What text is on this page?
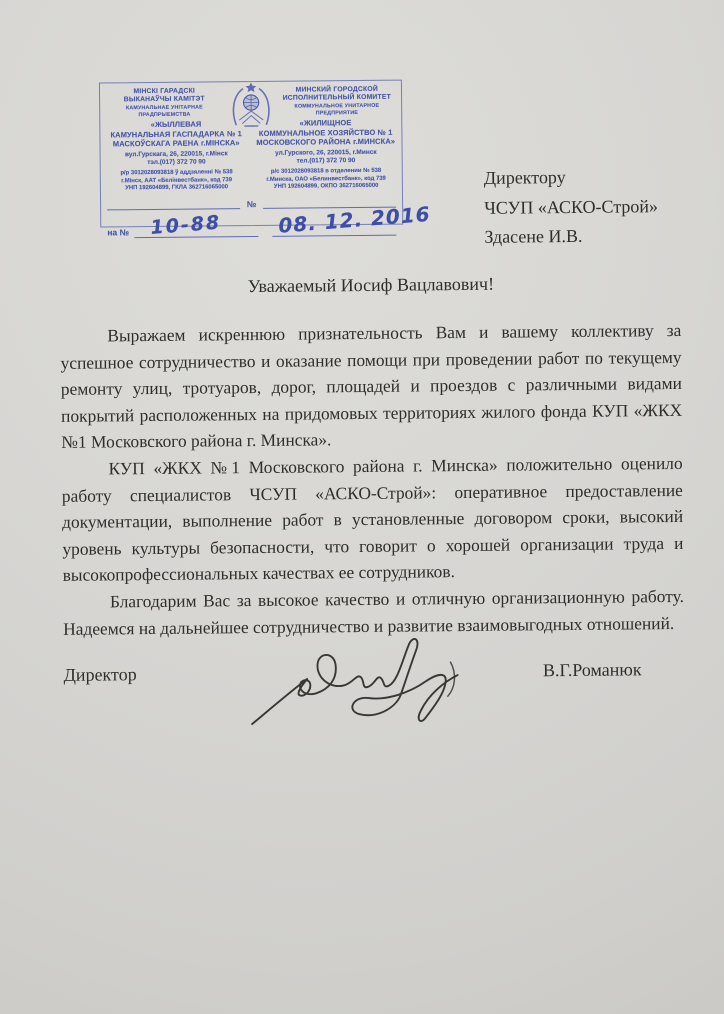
МІНСКІ ГАРАДСКІ
ВЫКАНАЎЧЫ КАМІТЭТ
КАМУНАЛЬНАЕ УНІТАРНАЕ ПРАДПРЫЕМСТВА
«ЖЫЛЛЕВАЯ
КАМУНАЛЬНАЯ ГАСПАДАРКА № 1
МАСКОЎСКАГА РАЕНА г.МІНСКА»
вул.Гурскага, 26, 220015, г.Мінск
тэл.(017) 372 70 90
р/р 3012028093818 ў аддзяленні № 538
г.Мінск, ААТ «Белінвестбанк», код 739
УНП 192604899, ГКЛА 362716065000
МИНСКИЙ ГОРОДСКОЙ
ИСПОЛНИТЕЛЬНЫЙ КОМИТЕТ
КОММУНАЛЬНОЕ УНИТАРНОЕ ПРЕДПРИЯТИЕ
«ЖИЛИЩНОЕ
КОММУНАЛЬНОЕ ХОЗЯЙСТВО № 1
МОСКОВСКОГО РАЙОНА г.МИНСКА»
ул.Гурского, 26, 220015, г.Минск
тел.(017) 372 70 90
р/с 3012028093818 в отделении № 538
г.Минска, ОАО «Белинвестбанк», код 739
УНП 192604899, ОКПО 362716065000
№
на № 10-88	08. 12. 2016
Директору
ЧСУП «АСКО-Строй»
Здасене И.В.
Уважаемый Иосиф Вацлавович!

Выражаем искреннюю признательность Вам и вашему коллективу за успешное сотрудничество и оказание помощи при проведении работ по текущему ремонту улиц, тротуаров, дорог, площадей и проездов с различными видами покрытий расположенных на придомовых территориях жилого фонда КУП «ЖКХ №1 Московского района г. Минска».

КУП «ЖКХ №1 Московского района г. Минска» положительно оценило работу специалистов ЧСУП «АСКО-Строй»: оперативное предоставление документации, выполнение работ в установленные договором сроки, высокий уровень культуры безопасности, что говорит о хорошей организации труда и высокопрофессиональных качествах ее сотрудников.

Благодарим Вас за высокое качество и отличную организационную работу. Надеемся на дальнейшее сотрудничество и развитие взаимовыгодных отношений.

Директор	В.Г.Романюк
